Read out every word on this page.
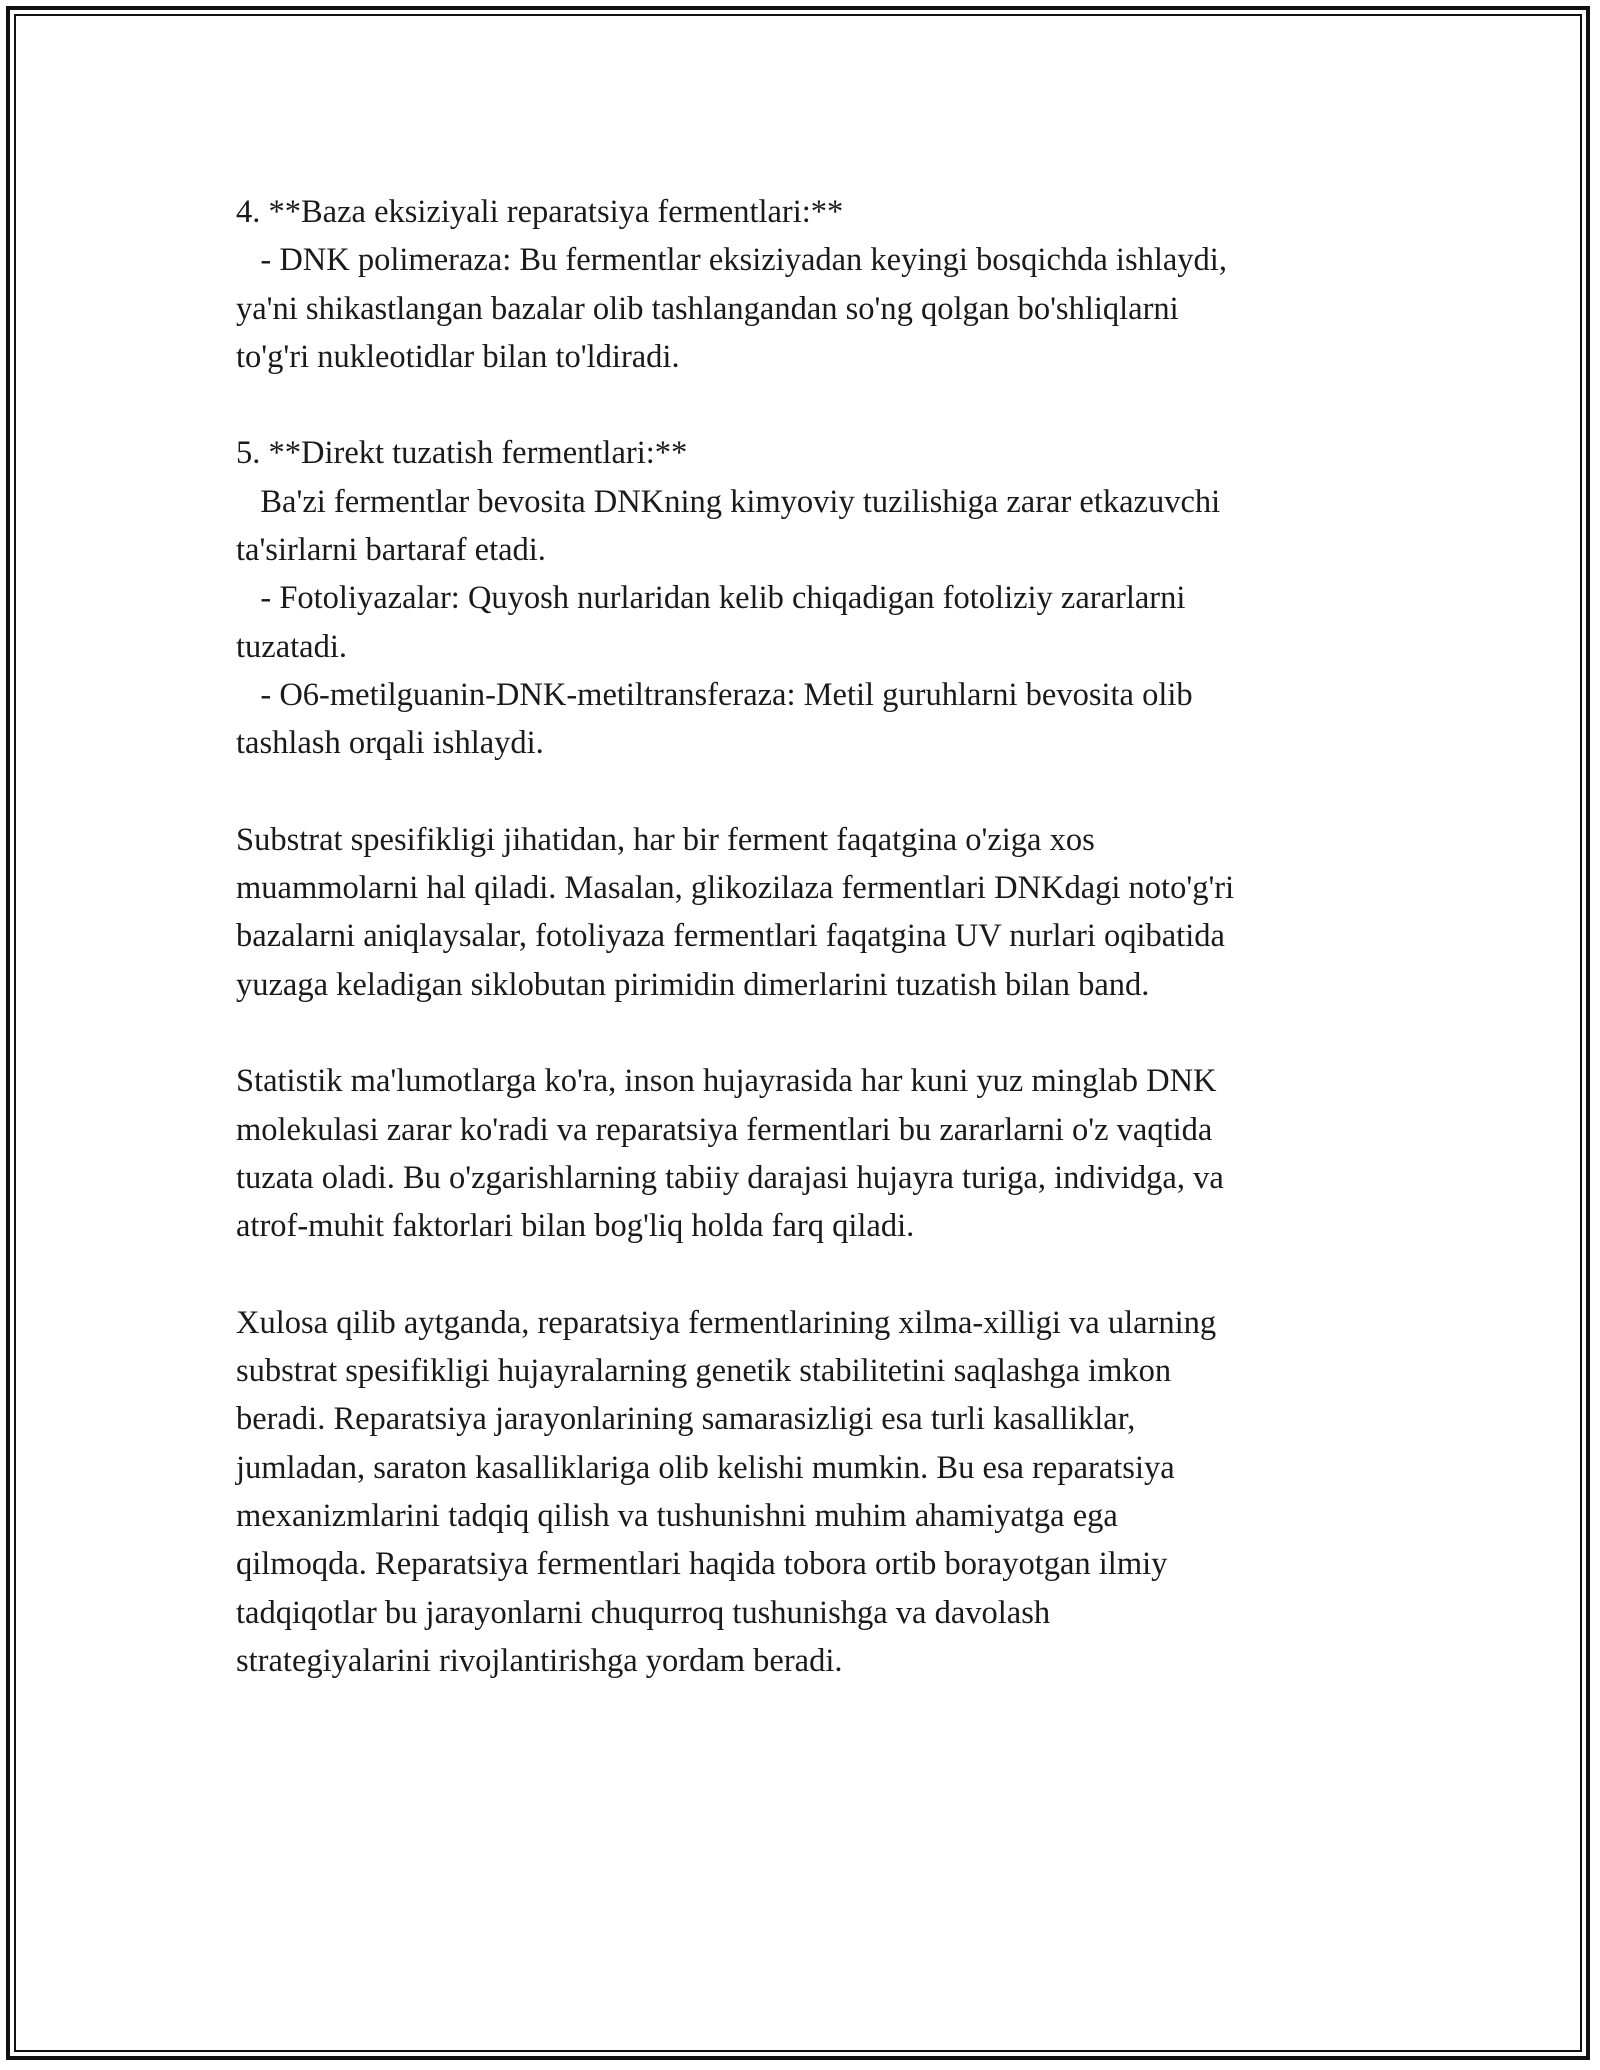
4. **Baza eksiziyali reparatsiya fermentlari:**
- DNK polimeraza: Bu fermentlar eksiziyadan keyingi bosqichda ishlaydi,
ya'ni shikastlangan bazalar olib tashlangandan so'ng qolgan bo'shliqlarni
to'g'ri nukleotidlar bilan to'ldiradi.
5. **Direkt tuzatish fermentlari:**
Ba'zi fermentlar bevosita DNKning kimyoviy tuzilishiga zarar etkazuvchi
ta'sirlarni bartaraf etadi.
- Fotoliyazalar: Quyosh nurlaridan kelib chiqadigan fotoliziy zararlarni
tuzatadi.
- O6-metilguanin-DNK-metiltransferaza: Metil guruhlarni bevosita olib
tashlash orqali ishlaydi.
Substrat spesifikligi jihatidan, har bir ferment faqatgina o'ziga xos
muammolarni hal qiladi. Masalan, glikozilaza fermentlari DNKdagi noto'g'ri
bazalarni aniqlaysalar, fotoliyaza fermentlari faqatgina UV nurlari oqibatida
yuzaga keladigan siklobutan pirimidin dimerlarini tuzatish bilan band.
Statistik ma'lumotlarga ko'ra, inson hujayrasida har kuni yuz minglab DNK
molekulasi zarar ko'radi va reparatsiya fermentlari bu zararlarni o'z vaqtida
tuzata oladi. Bu o'zgarishlarning tabiiy darajasi hujayra turiga, individga, va
atrof-muhit faktorlari bilan bog'liq holda farq qiladi.
Xulosa qilib aytganda, reparatsiya fermentlarining xilma-xilligi va ularning
substrat spesifikligi hujayralarning genetik stabilitetini saqlashga imkon
beradi. Reparatsiya jarayonlarining samarasizligi esa turli kasalliklar,
jumladan, saraton kasalliklariga olib kelishi mumkin. Bu esa reparatsiya
mexanizmlarini tadqiq qilish va tushunishni muhim ahamiyatga ega
qilmoqda. Reparatsiya fermentlari haqida tobora ortib borayotgan ilmiy
tadqiqotlar bu jarayonlarni chuqurroq tushunishga va davolash
strategiyalarini rivojlantirishga yordam beradi.
